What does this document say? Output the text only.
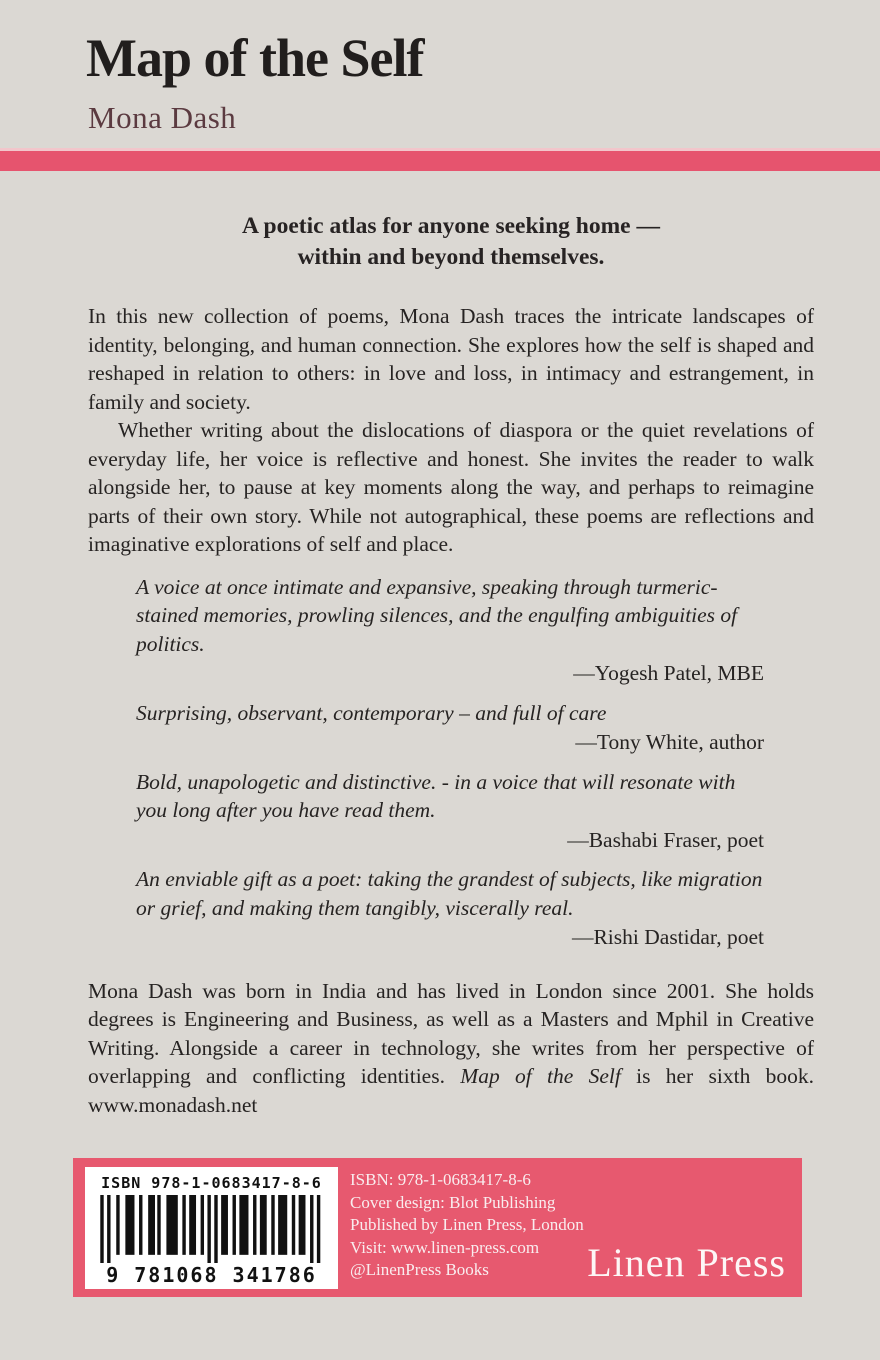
Map of the Self
Mona Dash
A poetic atlas for anyone seeking home —
within and beyond themselves.

In this new collection of poems, Mona Dash traces the intricate landscapes of identity, belonging, and human connection. She explores how the self is shaped and reshaped in relation to others: in love and loss, in intimacy and estrangement, in family and society.

Whether writing about the dislocations of diaspora or the quiet revelations of everyday life, her voice is reflective and honest. She invites the reader to walk alongside her, to pause at key moments along the way, and perhaps to reimagine parts of their own story. While not autographical, these poems are reflections and imaginative explorations of self and place.

A voice at once intimate and expansive, speaking through turmeric-stained memories, prowling silences, and the engulfing ambiguities of politics.

—Yogesh Patel, MBE

Surprising, observant, contemporary – and full of care

—Tony White, author

Bold, unapologetic and distinctive. - in a voice that will resonate with you long after you have read them.

—Bashabi Fraser, poet

An enviable gift as a poet: taking the grandest of subjects, like migration or grief, and making them tangibly, viscerally real.

—Rishi Dastidar, poet

Mona Dash was born in India and has lived in London since 2001. She holds degrees is Engineering and Business, as well as a Masters and Mphil in Creative Writing. Alongside a career in technology, she writes from her perspective of overlapping and conflicting identities. Map of the Self is her sixth book. www.monadash.net

ISBN 978-1-0683417-8-6
9 781068 341786
ISBN: 978-1-0683417-8-6
Cover design: Blot Publishing
Published by Linen Press, London
Visit: www.linen-press.com
@LinenPress Books	Linen Press
